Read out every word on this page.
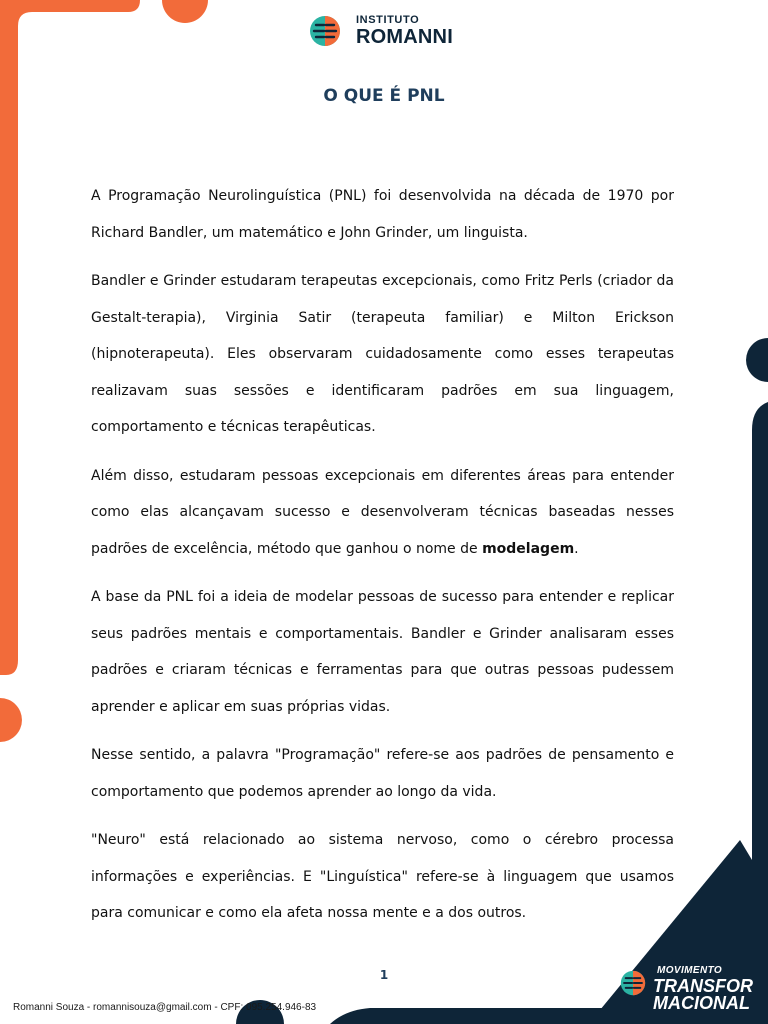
INSTITUTO
ROMANNI
O QUE É PNL

A Programação Neurolinguística (PNL) foi desenvolvida na década de 1970 por Richard Bandler, um matemático e John Grinder, um linguista.

Bandler e Grinder estudaram terapeutas excepcionais, como Fritz Perls (criador da Gestalt-terapia), Virginia Satir (terapeuta familiar) e Milton Erickson (hipnoterapeuta). Eles observaram cuidadosamente como esses terapeutas realizavam suas sessões e identificaram padrões em sua linguagem, comportamento e técnicas terapêuticas.

Além disso, estudaram pessoas excepcionais em diferentes áreas para entender como elas alcançavam sucesso e desenvolveram técnicas baseadas nesses padrões de excelência, método que ganhou o nome de modelagem.

A base da PNL foi a ideia de modelar pessoas de sucesso para entender e replicar seus padrões mentais e comportamentais. Bandler e Grinder analisaram esses padrões e criaram técnicas e ferramentas para que outras pessoas pudessem aprender e aplicar em suas próprias vidas.

Nesse sentido, a palavra "Programação" refere-se aos padrões de pensamento e comportamento que podemos aprender ao longo da vida.

"Neuro" está relacionado ao sistema nervoso, como o cérebro processa informações e experiências. E "Linguística" refere-se à linguagem que usamos para comunicar e como ela afeta nossa mente e a dos outros.

1
Romanni Souza - romannisouza@gmail.com - CPF: 095.254.946-83
MOVIMENTO
TRANSFOR
MACIONAL
